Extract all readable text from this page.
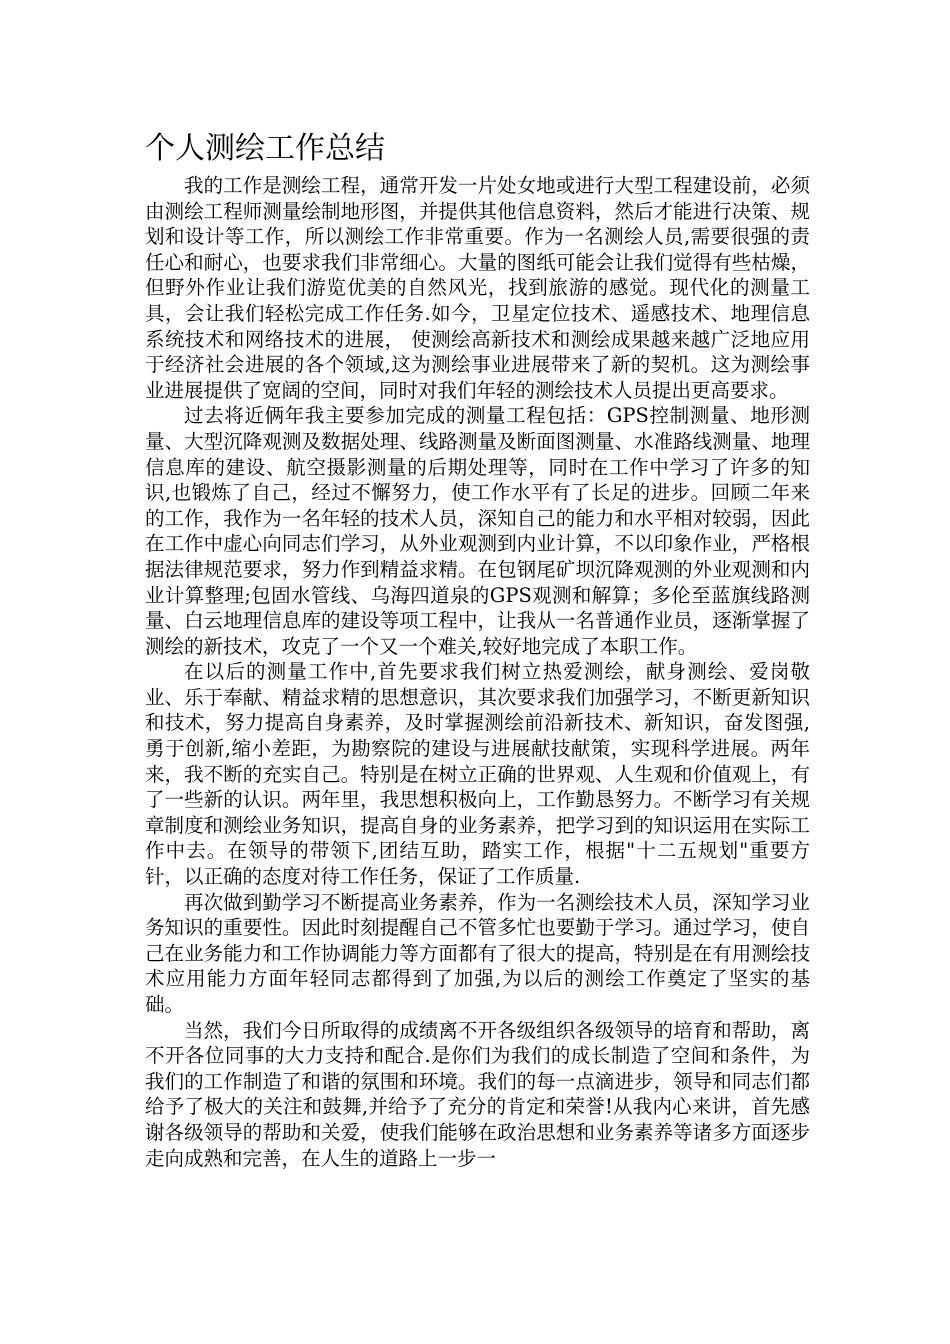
个人测绘工作总结

我的工作是测绘工程，通常开发一片处女地或进行大型工程建设前，必须由测绘工程师测量绘制地形图，并提供其他信息资料，然后才能进行决策、规划和设计等工作，所以测绘工作非常重要。作为一名测绘人员,需要很强的责任心和耐心，也要求我们非常细心。大量的图纸可能会让我们觉得有些枯燥，但野外作业让我们游览优美的自然风光，找到旅游的感觉。现代化的测量工具，会让我们轻松完成工作任务.如今，卫星定位技术、遥感技术、地理信息系统技术和网络技术的进展， 使测绘高新技术和测绘成果越来越广泛地应用于经济社会进展的各个领域,这为测绘事业进展带来了新的契机。这为测绘事业进展提供了宽阔的空间，同时对我们年轻的测绘技术人员提出更高要求。

过去将近俩年我主要参加完成的测量工程包括：GPS控制测量、地形测量、大型沉降观测及数据处理、线路测量及断面图测量、水准路线测量、地理信息库的建设、航空摄影测量的后期处理等，同时在工作中学习了许多的知识,也锻炼了自己，经过不懈努力，使工作水平有了长足的进步。回顾二年来的工作，我作为一名年轻的技术人员，深知自己的能力和水平相对较弱，因此在工作中虚心向同志们学习，从外业观测到内业计算，不以印象作业，严格根据法律规范要求，努力作到精益求精。在包钢尾矿坝沉降观测的外业观测和内业计算整理;包固水管线、乌海四道泉的GPS观测和解算；多伦至蓝旗线路测量、白云地理信息库的建设等项工程中，让我从一名普通作业员，逐渐掌握了测绘的新技术，攻克了一个又一个难关,较好地完成了本职工作。

在以后的测量工作中,首先要求我们树立热爱测绘，献身测绘、爱岗敬业、乐于奉献、精益求精的思想意识，其次要求我们加强学习，不断更新知识和技术，努力提高自身素养，及时掌握测绘前沿新技术、新知识，奋发图强,勇于创新,缩小差距，为勘察院的建设与进展献技献策，实现科学进展。两年来，我不断的充实自己。特别是在树立正确的世界观、人生观和价值观上，有了一些新的认识。两年里，我思想积极向上，工作勤恳努力。不断学习有关规章制度和测绘业务知识，提高自身的业务素养，把学习到的知识运用在实际工作中去。在领导的带领下,团结互助，踏实工作，根据"十二五规划"重要方针，以正确的态度对待工作任务，保证了工作质量.

再次做到勤学习不断提高业务素养，作为一名测绘技术人员，深知学习业务知识的重要性。因此时刻提醒自己不管多忙也要勤于学习。通过学习，使自己在业务能力和工作协调能力等方面都有了很大的提高，特别是在有用测绘技术应用能力方面年轻同志都得到了加强,为以后的测绘工作奠定了坚实的基础。

当然，我们今日所取得的成绩离不开各级组织各级领导的培育和帮助，离不开各位同事的大力支持和配合.是你们为我们的成长制造了空间和条件，为我们的工作制造了和谐的氛围和环境。我们的每一点滴进步，领导和同志们都给予了极大的关注和鼓舞,并给予了充分的肯定和荣誉!从我内心来讲，首先感谢各级领导的帮助和关爱，使我们能够在政治思想和业务素养等诸多方面逐步走向成熟和完善，在人生的道路上一步一
